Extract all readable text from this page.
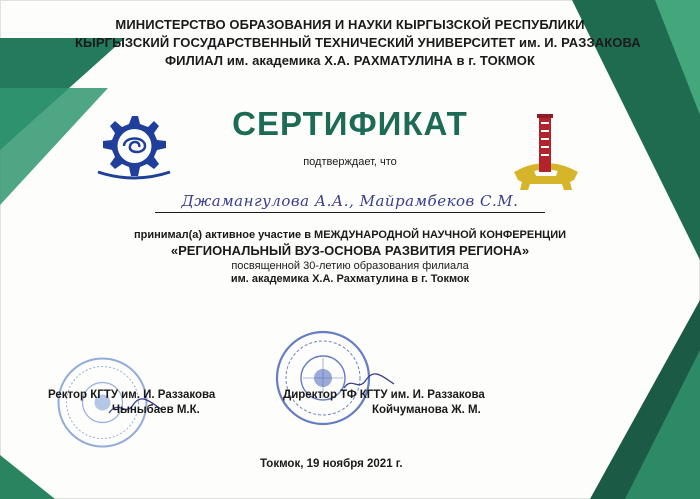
МИНИСТЕРСТВО ОБРАЗОВАНИЯ И НАУКИ КЫРГЫЗСКОЙ РЕСПУБЛИКИ
КЫРГЫЗСКИЙ ГОСУДАРСТВЕННЫЙ ТЕХНИЧЕСКИЙ УНИВЕРСИТЕТ им. И. РАЗЗАКОВА
ФИЛИАЛ им. академика Х.А. РАХМАТУЛИНА в г. ТОКМОК
СЕРТИФИКАТ
подтверждает, что
Джамангулова А.А., Майрамбеков С.М.
принимал(а) активное участие в МЕЖДУНАРОДНОЙ НАУЧНОЙ КОНФЕРЕНЦИИ
«РЕГИОНАЛЬНЫЙ ВУЗ-ОСНОВА РАЗВИТИЯ РЕГИОНА»
посвященной 30-летию образования филиала
им. академика Х.А. Рахматулина в г. Токмок
Ректор КГТУ им. И. Раззакова
Чыныбаев М.К.
Директор ТФ КГТУ им. И. Раззакова
Койчуманова Ж. М.
Токмок, 19 ноября 2021 г.
